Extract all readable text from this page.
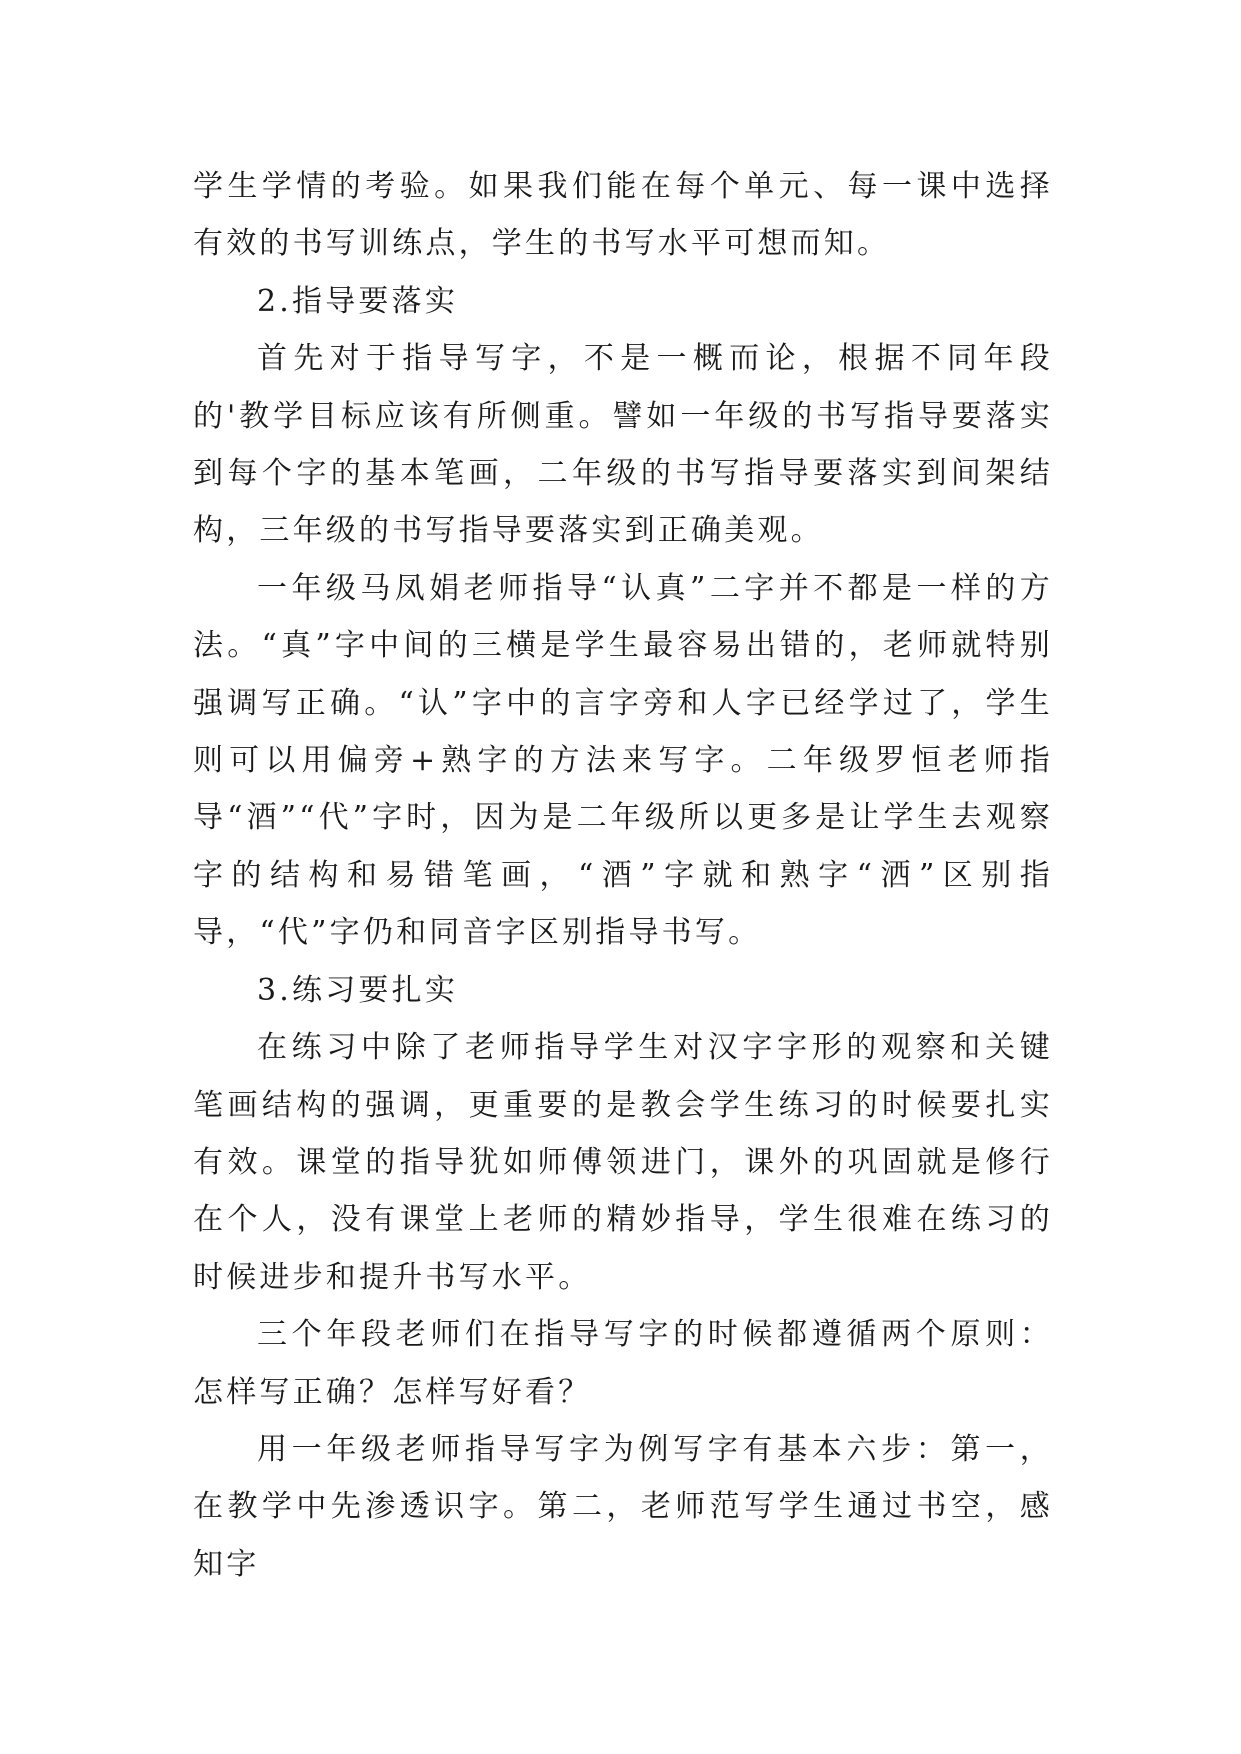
学生学情的考验。如果我们能在每个单元、每一课中选择有效的书写训练点，学生的书写水平可想而知。

2.指导要落实

首先对于指导写字，不是一概而论，根据不同年段的'教学目标应该有所侧重。譬如一年级的书写指导要落实到每个字的基本笔画，二年级的书写指导要落实到间架结构，三年级的书写指导要落实到正确美观。

一年级马凤娟老师指导“认真”二字并不都是一样的方法。“真”字中间的三横是学生最容易出错的，老师就特别强调写正确。“认”字中的言字旁和人字已经学过了，学生则可以用偏旁+熟字的方法来写字。二年级罗恒老师指导“酒”“代”字时，因为是二年级所以更多是让学生去观察字的结构和易错笔画，“酒”字就和熟字“洒”区别指导，“代”字仍和同音字区别指导书写。

3.练习要扎实

在练习中除了老师指导学生对汉字字形的观察和关键笔画结构的强调，更重要的是教会学生练习的时候要扎实有效。课堂的指导犹如师傅领进门，课外的巩固就是修行在个人，没有课堂上老师的精妙指导，学生很难在练习的时候进步和提升书写水平。

三个年段老师们在指导写字的时候都遵循两个原则：怎样写正确？怎样写好看？

用一年级老师指导写字为例写字有基本六步：第一，在教学中先渗透识字。第二，老师范写学生通过书空，感知字
